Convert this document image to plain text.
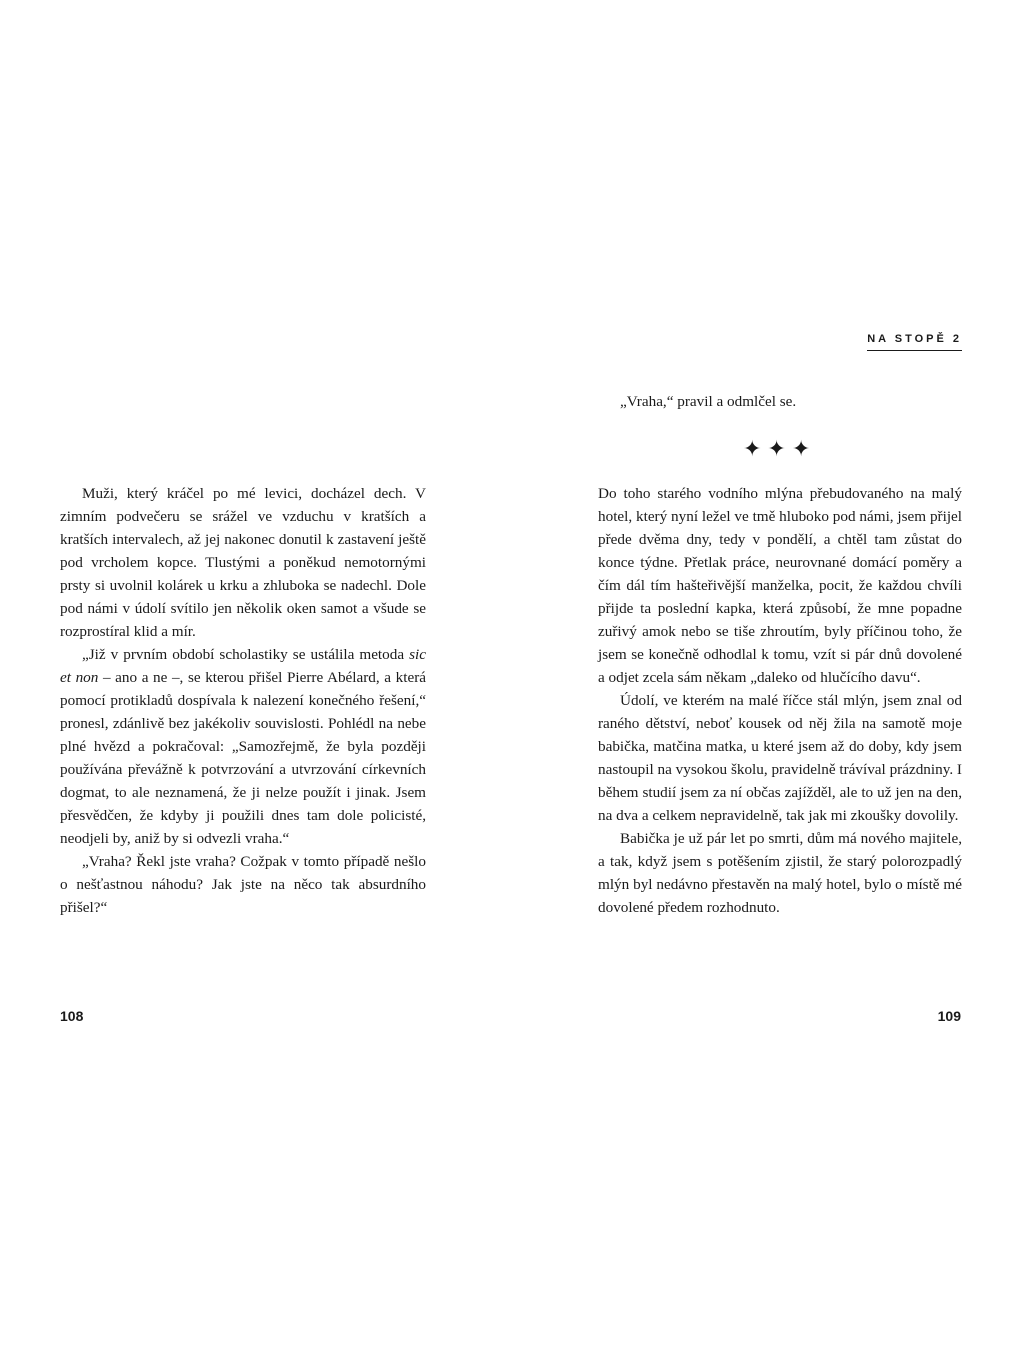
Muži, který kráčel po mé levici, docházel dech. V zimním podvečeru se srážel ve vzduchu v kratších a kratších intervalech, až jej nakonec donutil k zastavení ještě pod vrcholem kopce. Tlustými a poněkud nemotornými prsty si uvolnil kolárek u krku a zhluboka se nadechl. Dole pod námi v údolí svítilo jen několik oken samot a všude se rozprostíral klid a mír.

„Již v prvním období scholastiky se ustálila metoda sic et non – ano a ne –, se kterou přišel Pierre Abélard, a která pomocí protikladů dospívala k nalezení konečného řešení,“ pronesl, zdánlivě bez jakékoliv souvislosti. Pohlédl na nebe plné hvězd a pokračoval: „Samozřejmě, že byla později používána převážně k potvrzování a utvrzování církevních dogmat, to ale neznamená, že ji nelze použít i jinak. Jsem přesvědčen, že kdyby ji použili dnes tam dole policisté, neodjeli by, aniž by si odvezli vraha.“

„Vraha? Řekl jste vraha? Cožpak v tomto případě nešlo o nešťastnou náhodu? Jak jste na něco tak absurdního přišel?“

108
NA STOPĚ 2
„Vraha,“ pravil a odmlčel se.
✦✦✦

Do toho starého vodního mlýna přebudovaného na malý hotel, který nyní ležel ve tmě hluboko pod námi, jsem přijel přede dvěma dny, tedy v pondělí, a chtěl tam zůstat do konce týdne. Přetlak práce, neurovnané domácí poměry a čím dál tím hašteřivější manželka, pocit, že každou chvíli přijde ta poslední kapka, která způsobí, že mne popadne zuřivý amok nebo se tiše zhroutím, byly příčinou toho, že jsem se konečně odhodlal k tomu, vzít si pár dnů dovolené a odjet zcela sám někam „daleko od hlučícího davu“.

Údolí, ve kterém na malé říčce stál mlýn, jsem znal od raného dětství, neboť kousek od něj žila na samotě moje babička, matčina matka, u které jsem až do doby, kdy jsem nastoupil na vysokou školu, pravidelně trávíval prázdniny. I během studií jsem za ní občas zajížděl, ale to už jen na den, na dva a celkem nepravidelně, tak jak mi zkoušky dovolily.

Babička je už pár let po smrti, dům má nového majitele, a tak, když jsem s potěšením zjistil, že starý polorozpadlý mlýn byl nedávno přestavěn na malý hotel, bylo o místě mé dovolené předem rozhodnuto.

109
